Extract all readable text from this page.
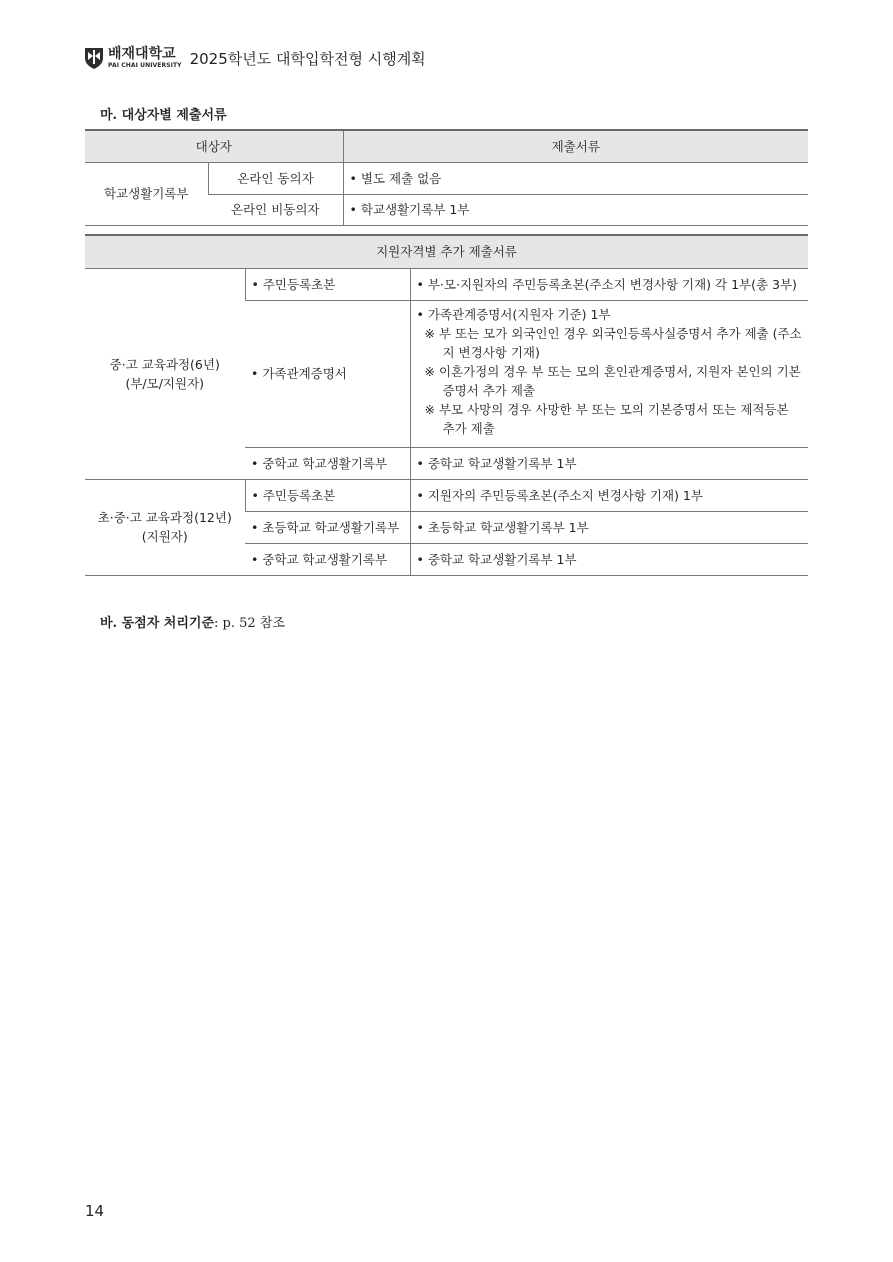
배재대학교
PAI CHAI UNIVERSITY 2025학년도 대학입학전형 시행계획
마. 대상자별 제출서류
대상자		제출서류
학교생활기록부	온라인 동의자	• 별도 제출 없음
	온라인 비동의자	• 학교생활기록부 1부
지원자격별 추가 제출서류		
중·고 교육과정(6년)
(부/모/지원자)	• 주민등록초본	• 부·모·지원자의 주민등록초본(주소지 변경사항 기재) 각 1부(총 3부)
	• 가족관계증명서	• 가족관계증명서(지원자 기준) 1부
※ 부 또는 모가 외국인인 경우 외국인등록사실증명서 추가 제출 (주소지 변경사항 기재)
※ 이혼가정의 경우 부 또는 모의 혼인관계증명서, 지원자 본인의 기본증명서 추가 제출
※ 부모 사망의 경우 사망한 부 또는 모의 기본증명서 또는 제적등본 추가 제출

	• 중학교 학교생활기록부	• 중학교 학교생활기록부 1부
초·중·고 교육과정(12년)
(지원자)	• 주민등록초본	• 지원자의 주민등록초본(주소지 변경사항 기재) 1부
	• 초등학교 학교생활기록부	• 초등학교 학교생활기록부 1부
	• 중학교 학교생활기록부	• 중학교 학교생활기록부 1부
바. 동점자 처리기준: p. 52 참조
14
